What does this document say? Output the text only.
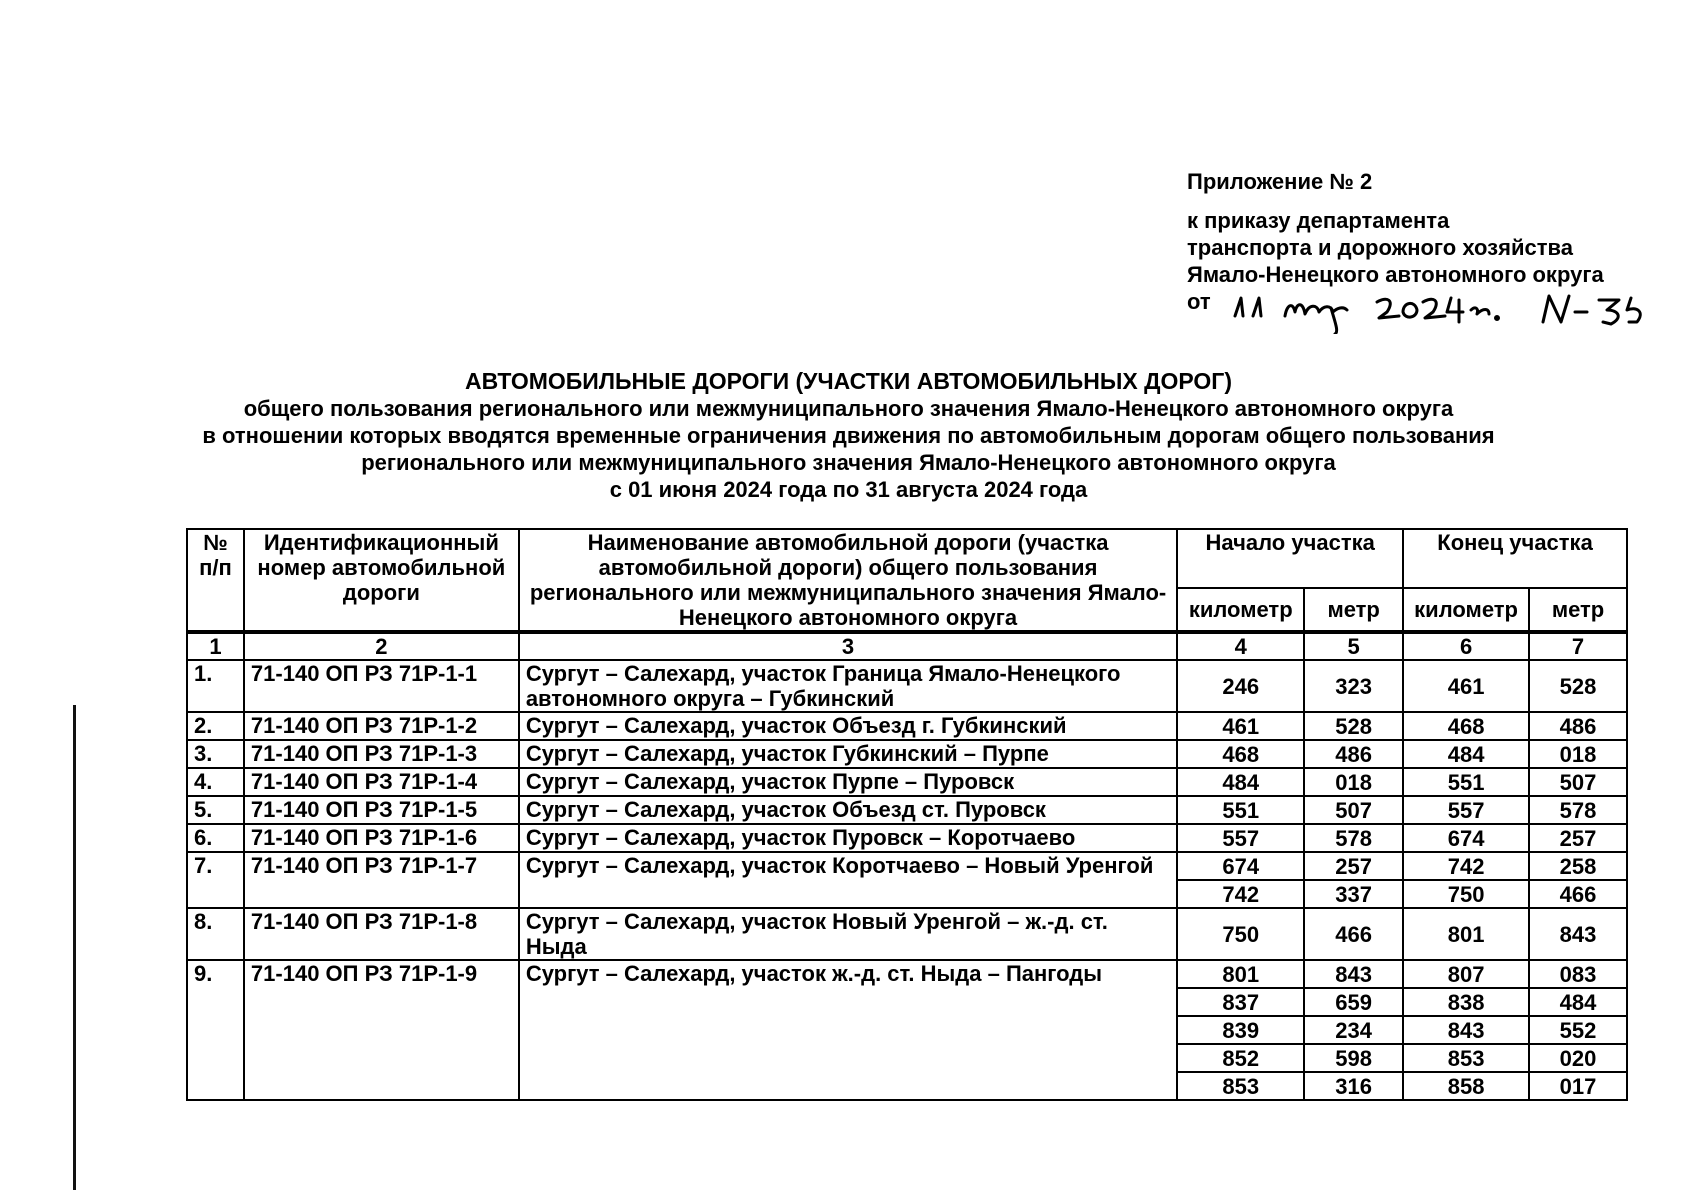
Приложение № 2
к приказу департамента
транспорта и дорожного хозяйства
Ямало-Ненецкого автономного округа
от
АВТОМОБИЛЬНЫЕ ДОРОГИ (УЧАСТКИ АВТОМОБИЛЬНЫХ ДОРОГ)
общего пользования регионального или межмуниципального значения Ямало-Ненецкого автономного округа
в отношении которых вводятся временные ограничения движения по автомобильным дорогам общего пользования
регионального или межмуниципального значения Ямало-Ненецкого автономного округа
с 01 июня 2024 года по 31 августа 2024 года
№ п/п	Идентификационный номер автомобильной дороги	Наименование автомобильной дороги (участка автомобильной дороги) общего пользования регионального или межмуниципального значения Ямало-Ненецкого автономного округа	Начало участка		Конец участка	
			километр	метр	километр	метр
1	2	3	4	5	6	7
1.	71-140 ОП РЗ 71Р-1-1	Сургут – Салехард, участок Граница Ямало-Ненецкого автономного округа – Губкинский	246	323	461	528
2.	71-140 ОП РЗ 71Р-1-2	Сургут – Салехард, участок Объезд г. Губкинский	461	528	468	486
3.	71-140 ОП РЗ 71Р-1-3	Сургут – Салехард, участок Губкинский – Пурпе	468	486	484	018
4.	71-140 ОП РЗ 71Р-1-4	Сургут – Салехард, участок Пурпе – Пуровск	484	018	551	507
5.	71-140 ОП РЗ 71Р-1-5	Сургут – Салехард, участок Объезд ст. Пуровск	551	507	557	578
6.	71-140 ОП РЗ 71Р-1-6	Сургут – Салехард, участок Пуровск – Коротчаево	557	578	674	257
7.	71-140 ОП РЗ 71Р-1-7	Сургут – Салехард, участок Коротчаево – Новый Уренгой	674	257	742	258
			742	337	750	466
8.	71-140 ОП РЗ 71Р-1-8	Сургут – Салехард, участок Новый Уренгой – ж.-д. ст. Ныда	750	466	801	843
9.	71-140 ОП РЗ 71Р-1-9	Сургут – Салехард, участок ж.-д. ст. Ныда – Пангоды	801	843	807	083
			837	659	838	484
			839	234	843	552
			852	598	853	020
			853	316	858	017
